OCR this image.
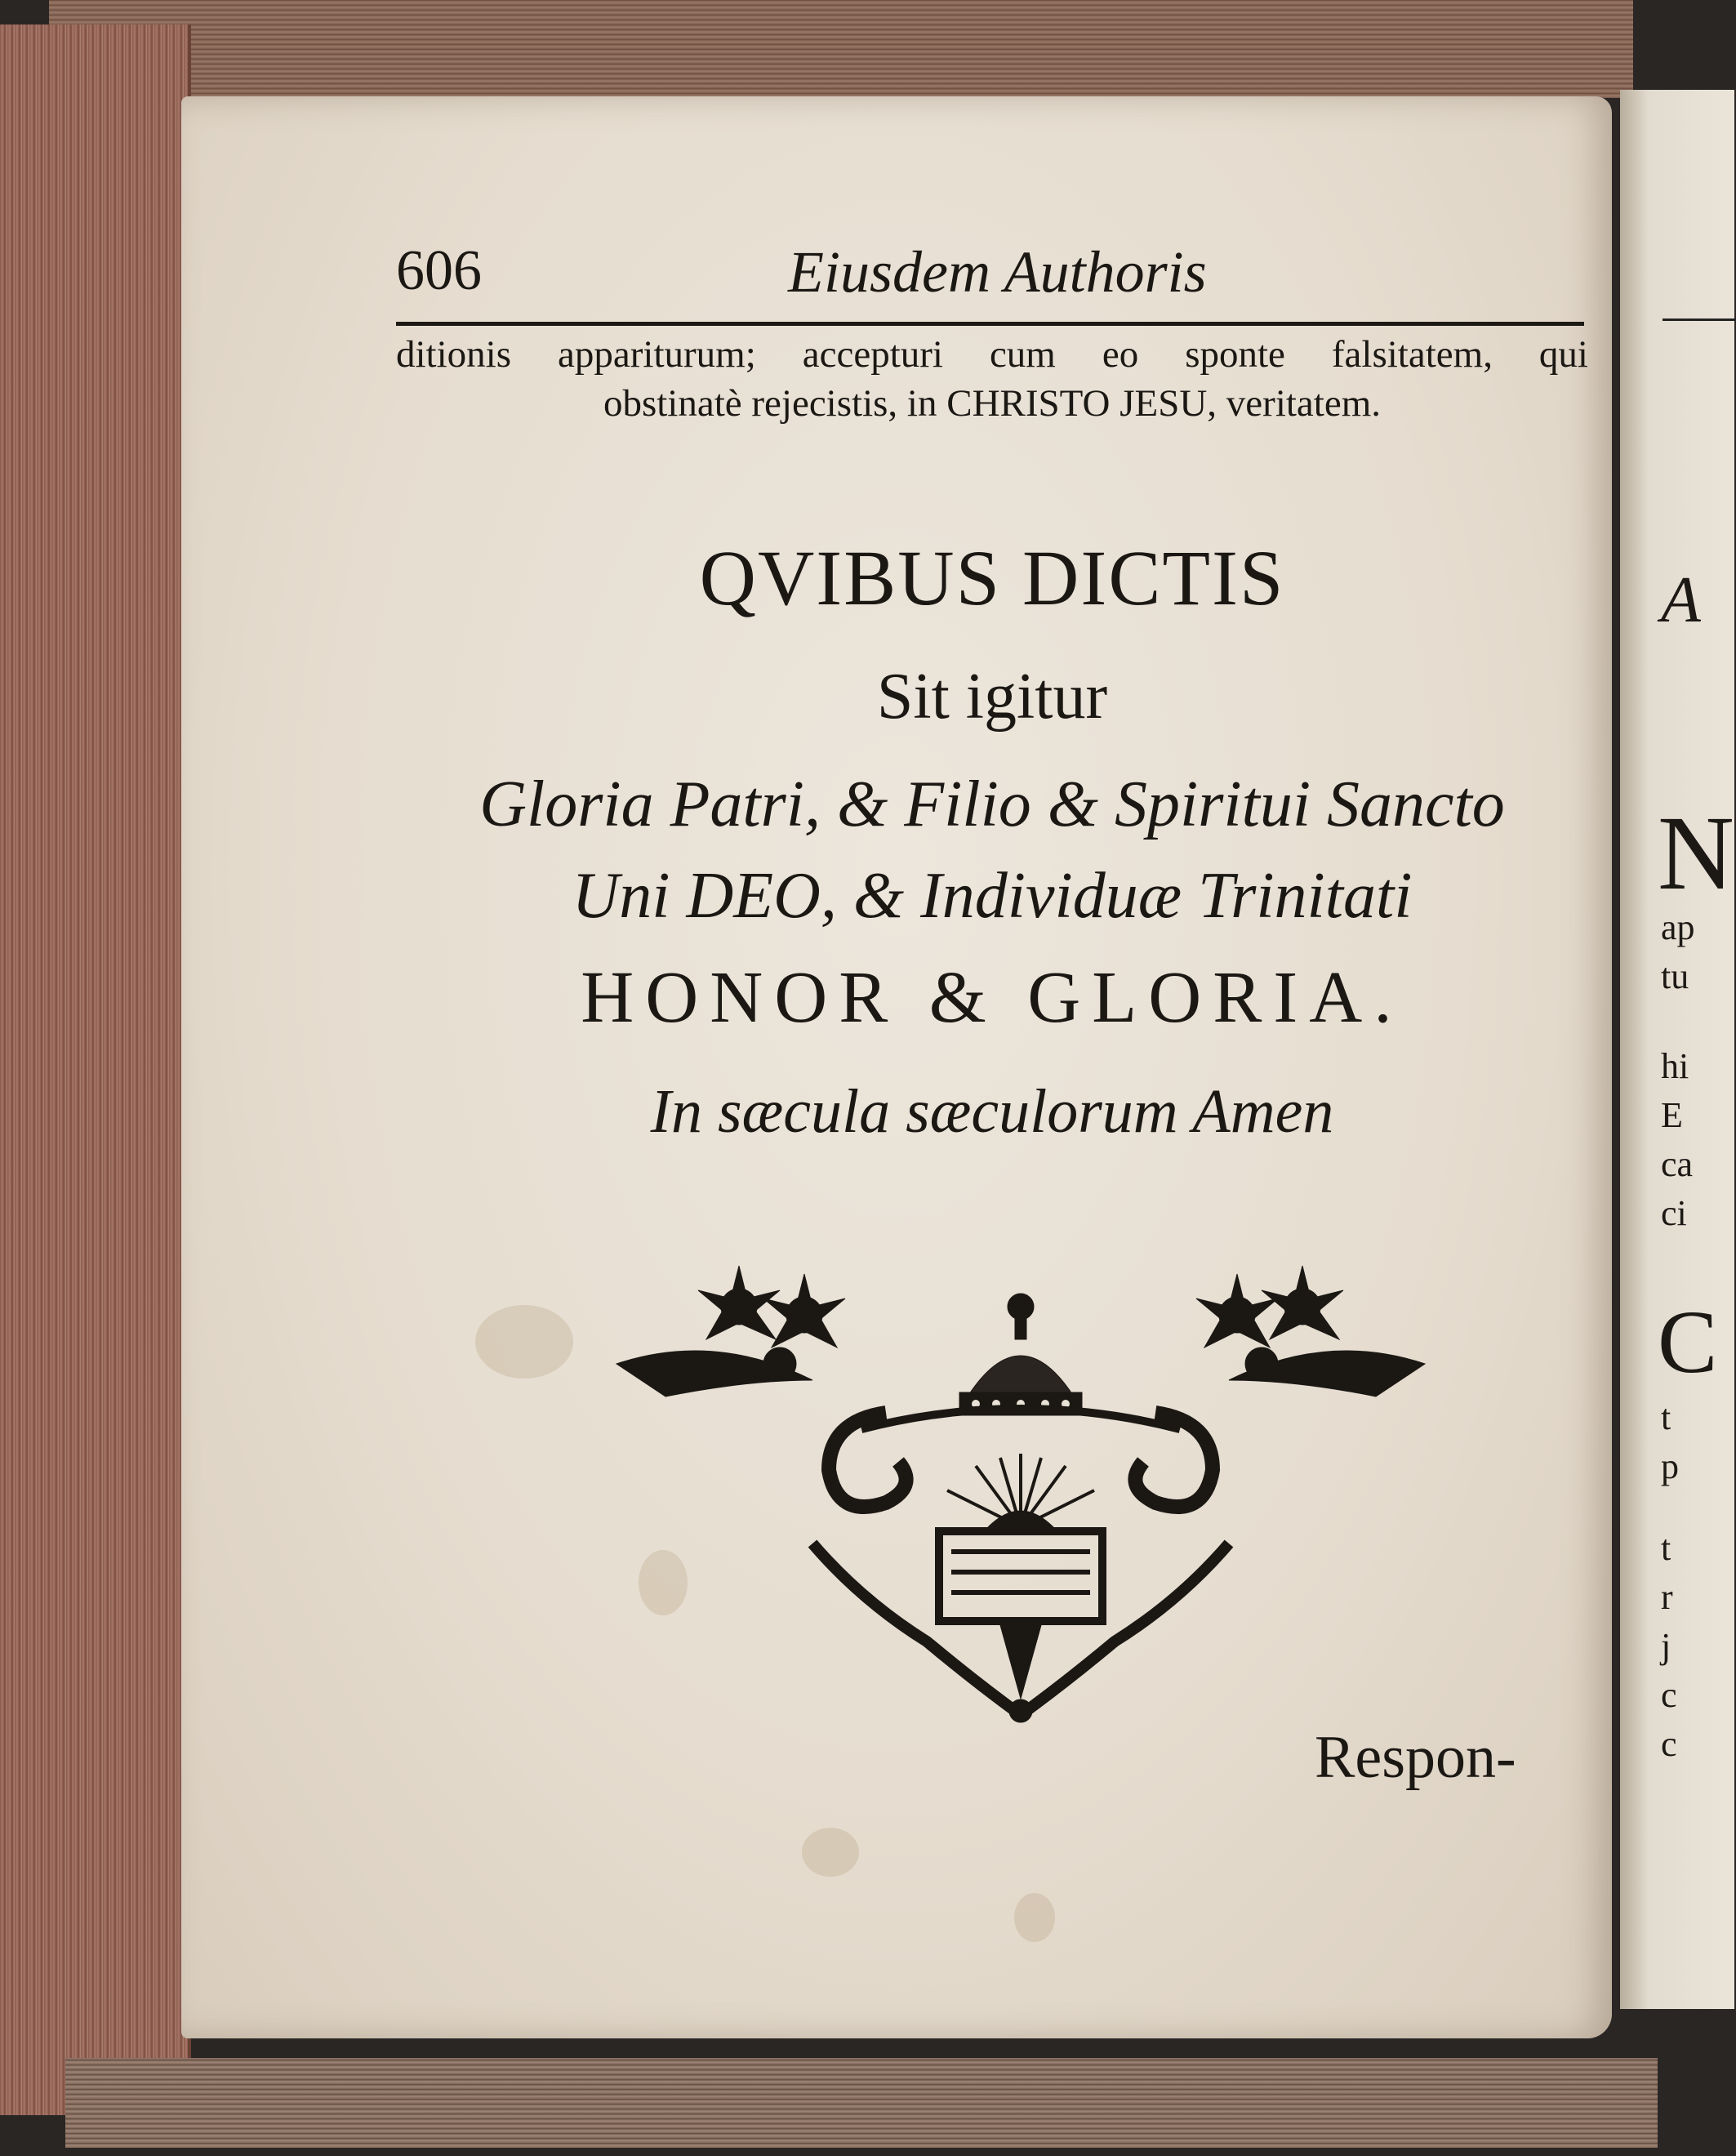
A
N
ap
tu
hi
E
ca
ci
C
t
p
t
r
j
c
c
606	Eiusdem Authoris
ditionis appariturum; accepturi cum eo sponte falsitatem, qui
obstinatè rejecistis, in CHRISTO JESU, veritatem.
QVIBUS DICTIS
Sit igitur
Gloria Patri, & Filio & Spiritui Sancto
Uni DEO, & Individuæ Trinitati
HONOR & GLORIA.
In sæcula sæculorum Amen
Respon-
